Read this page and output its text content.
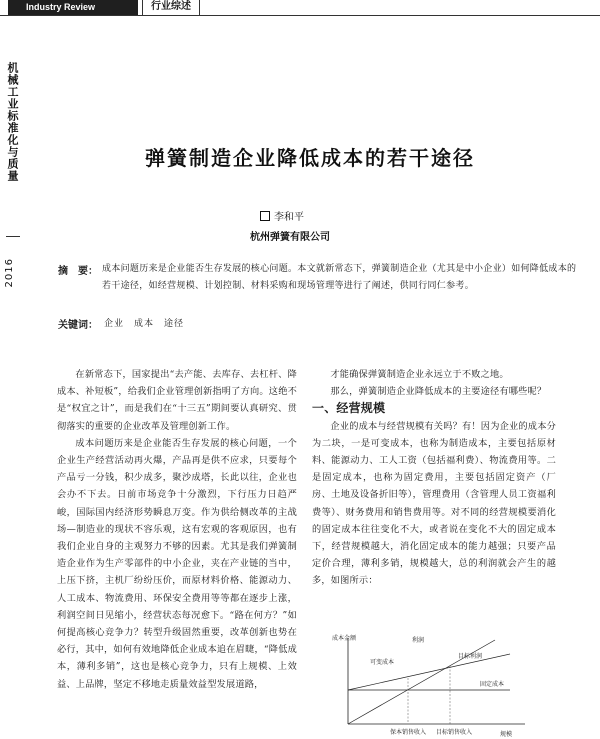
Industry Review	行业综述
机械工业标准化与质量
2016
弹簧制造企业降低成本的若干途径
李和平
杭州弹簧有限公司
摘　要： 成本问题历来是企业能否生存发展的核心问题。本文就新常态下，弹簧制造企业（尤其是中小企业）如何降低成本的若干途径，如经营规模、计划控制、材料采购和现场管理等进行了阐述，供同行同仁参考。
关键词： 企业　成本　途径

在新常态下，国家提出“去产能、去库存、去杠杆、降成本、补短板”，给我们企业管理创新指明了方向。这绝不是“权宜之计”，而是我们在“十三五”期间要认真研究、贯彻落实的重要的企业改革及管理创新工作。

成本问题历来是企业能否生存发展的核心问题，一个企业生产经营活动再火爆，产品再是供不应求，只要每个产品亏一分钱，积少成多，聚沙成塔，长此以往，企业也会办不下去。日前市场竞争十分激烈，下行压力日趋严峻，国际国内经济形势瞬息万变。作为供给侧改革的主战场—制造业的现状不容乐观，这有宏观的客观原因，也有我们企业自身的主观努力不够的因素。尤其是我们弹簧制造企业作为生产零部件的中小企业，夹在产业链的当中，上压下挤，主机厂纷纷压价，而原材料价格、能源动力、人工成本、物流费用、环保安全费用等等都在逐步上涨，利润空间日见缩小，经营状态每况愈下。“路在何方？”如何提高核心竞争力？转型升级固然重要，改革创新也势在必行，其中，如何有效地降低企业成本追在眉睫，“降低成本，薄利多销”，这也是核心竞争力，只有上规模、上效益、上品牌，坚定不移地走质量效益型发展道路，

才能确保弹簧制造企业永远立于不败之地。

那么，弹簧制造企业降低成本的主要途径有哪些呢？

一、经营规模

企业的成本与经营规模有关吗？有！因为企业的成本分为二块，一是可变成本，也称为制造成本，主要包括原材料、能源动力、工人工资（包括福利费）、物流费用等。二是固定成本，也称为固定费用，主要包括固定资产（厂房、土地及设备折旧等），管理费用（含管理人员工资福利费等）、财务费用和销售费用等。对不同的经营规模要消化的固定成本往往变化不大，或者说在变化不大的固定成本下，经营规模越大，消化固定成本的能力越强；只要产品定价合理，薄利多销，规模越大，总的利润就会产生的越多，如图所示：

成本金额	利润
可变成本
目标利润
固定成本
规模
保本销售收入 目标销售收入
